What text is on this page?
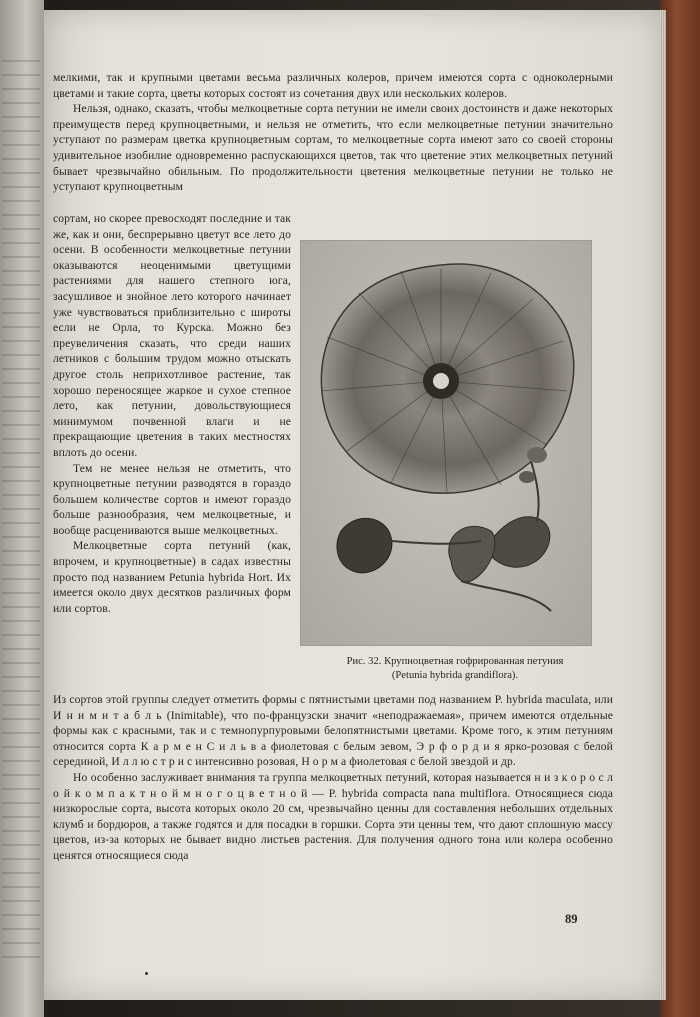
мелкими, так и крупными цветами весьма различных колеров, причем имеются сорта с одноколерными цветами и такие сорта, цветы которых состоят из сочетания двух или нескольких колеров.

Нельзя, однако, сказать, чтобы мелкоцветные сорта петунии не имели своих достоинств и даже некоторых преимуществ перед крупноцветными, и нельзя не отметить, что если мелкоцветные петунии значительно уступают по размерам цветка крупноцветным сортам, то мелкоцветные сорта имеют зато со своей стороны удивительное изобилие одновременно распускающихся цветов, так что цветение этих мелкоцветных петуний бывает чрезвычайно обильным. По продолжительности цветения мелкоцветные петунии не только не уступают крупноцветным

сортам, но скорее превосходят последние и так же, как и они, беспрерывно цветут все лето до осени. В особенности мелкоцветные петунии оказываются неоценимыми цветущими растениями для нашего степного юга, засушливое и знойное лето которого начинает уже чувствоваться приблизительно с широты если не Орла, то Курска. Можно без преувеличения сказать, что среди наших летников с большим трудом можно отыскать другое столь неприхотливое растение, так хорошо переносящее жаркое и сухое степное лето, как петунии, довольствующиеся минимумом почвенной влаги и не прекращающие цветения в таких местностях вплоть до осени.

Тем не менее нельзя не отметить, что крупноцветные петунии разводятся в гораздо большем количестве сортов и имеют гораздо больше разнообразия, чем мелкоцветные, и вообще расцениваются выше мелкоцветных.

Мелкоцветные сорта петуний (как, впрочем, и крупноцветные) в садах известны просто под названием Petunia hybrida Hort. Их имеется около двух десятков различных форм или сортов.

Рис. 32. Крупноцветная гофрированная петуния
(Petunia hybrida grandiflora).

Из сортов этой группы следует отметить формы с пятнистыми цветами под названием P. hybrida maculata, или И н и м и т а б л ь (Inimitable), что по-французски значит «неподражаемая», причем имеются отдельные формы как с красными, так и с темнопурпуровыми белопятнистыми цветами. Кроме того, к этим петуниям относится сорта К а р м е н С и л ь в а фиолетовая с белым зевом, Э р ф о р д и я ярко-розовая с белой серединой, И л л ю с т р и с интенсивно розовая, Н о р м а фиолетовая с белой звездой и др.

Но особенно заслуживает внимания та группа мелкоцветных петуний, которая называется н и з к о р о с л о й к о м п а к т н о й м н о г о ц в е т н о й — P. hybrida compacta nana multiflora. Относящиеся сюда низкорослые сорта, высота которых около 20 см, чрезвычайно ценны для составления небольших отдельных клумб и бордюров, а также годятся и для посадки в горшки. Сорта эти ценны тем, что дают сплошную массу цветов, из-за которых не бывает видно листьев растения. Для получения одного тона или колера особенно ценятся относящиеся сюда

89
